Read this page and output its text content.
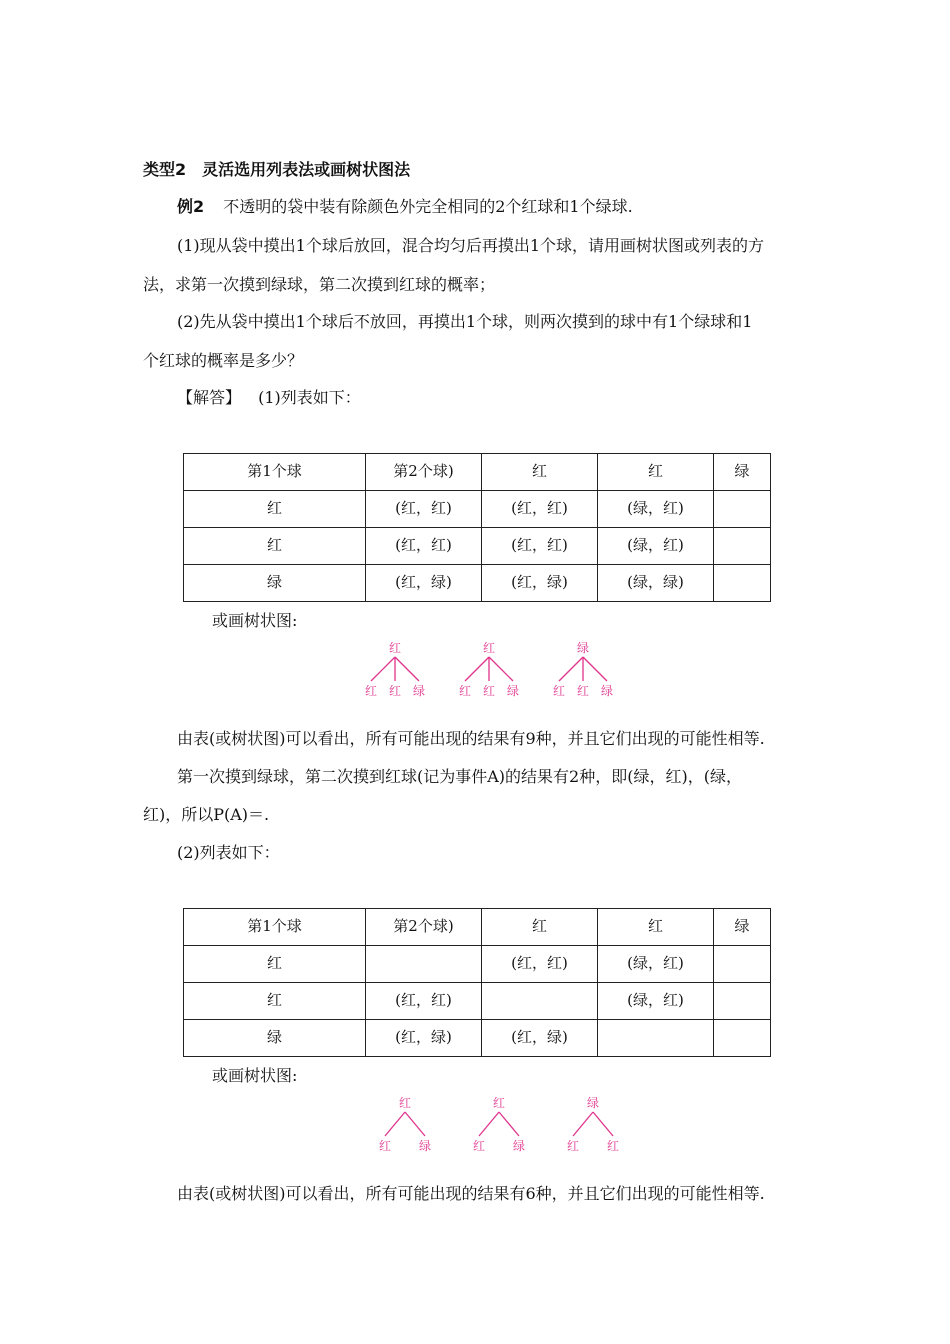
类型2　灵活选用列表法或画树状图法
例2 不透明的袋中装有除颜色外完全相同的2个红球和1个绿球.
(1)现从袋中摸出1个球后放回，混合均匀后再摸出1个球，请用画树状图或列表的方
法，求第一次摸到绿球，第二次摸到红球的概率；
(2)先从袋中摸出1个球后不放回，再摸出1个球，则两次摸到的球中有1个绿球和1
个红球的概率是多少？
【解答】 (1)列表如下：
第1个球	第2个球)	红	红	绿
红	(红，红)	(红，红)	(绿，红)	
红	(红，红)	(红，红)	(绿，红)	
绿	(红，绿)	(红，绿)	(绿，绿)	
或画树状图:
红
红 红 绿
红
红 红 绿
绿
红 红 绿
由表(或树状图)可以看出，所有可能出现的结果有9种，并且它们出现的可能性相等.
第一次摸到绿球，第二次摸到红球(记为事件A)的结果有2种，即(绿，红)，(绿，
红)，所以P(A)＝.
(2)列表如下：
第1个球	第2个球)	红	红	绿
红		(红，红)	(绿，红)	
红	(红，红)		(绿，红)	
绿	(红，绿)	(红，绿)		
或画树状图:
红
红 绿
红
红 绿
绿
红 红
由表(或树状图)可以看出，所有可能出现的结果有6种，并且它们出现的可能性相等.
